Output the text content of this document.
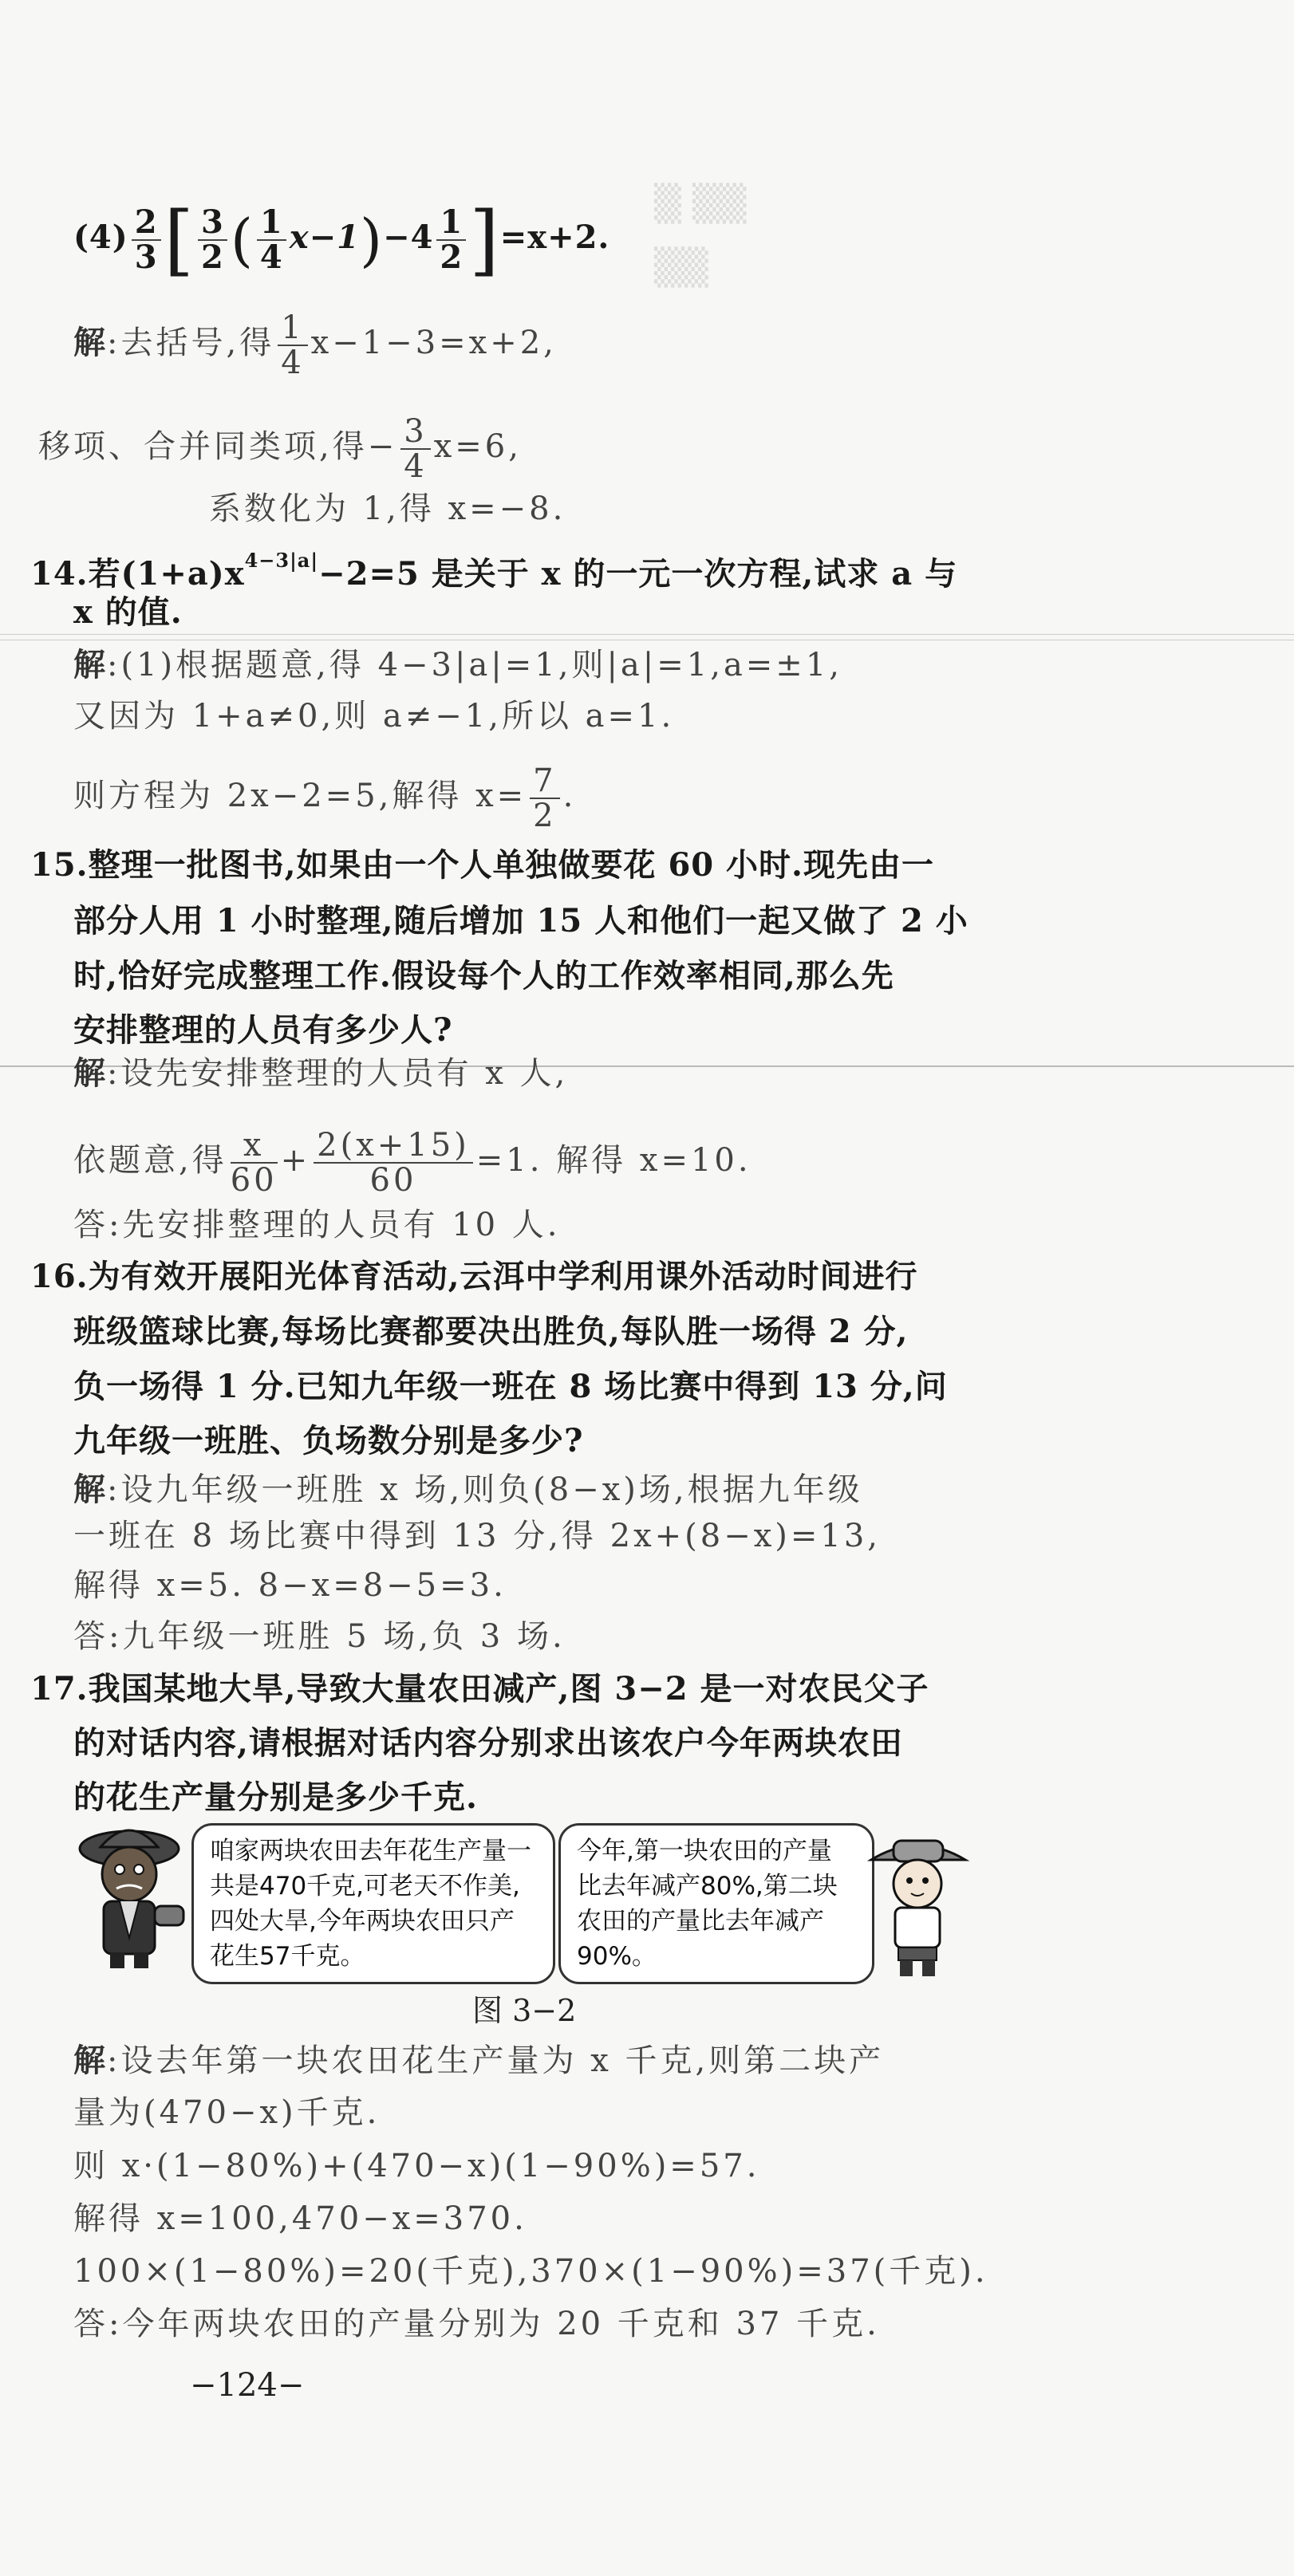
▒ ▒▒
▒▒
$(4) \frac{2}{3}$ [ $\frac{3}{2}$ ( $\frac{1}{4} x-1)-4 \frac{1}{2} ]=x+2$.
解:去括号,得 $\frac{1}{4} x-1-3=x+2$,
移项、合并同类项,得− $\frac{3}{4} x=6$,
系数化为 1,得 x=−8.
14.若$(1+a)x^{4-3|a|}-2=5$ 是关于 x 的一元一次方程,试求 a 与
x 的值.
解:(1)根据题意,得 4−3|a|=1,则|a|=1,a=±1,
又因为 1+a≠0,则 a≠−1,所以 a=1.
则方程为 2x−2=5,解得 $x= \frac{7}{2}$ .
15.整理一批图书,如果由一个人单独做要花 60 小时.现先由一
部分人用 1 小时整理,随后增加 15 人和他们一起又做了 2 小
时,恰好完成整理工作.假设每个人的工作效率相同,那么先
安排整理的人员有多少人?
解:设先安排整理的人员有 x 人,
依题意,得 $\frac{x}{60} + \frac{2(x+15)}{60} =1$. 解得 x=10.
答:先安排整理的人员有 10 人.
16.为有效开展阳光体育活动,云洱中学利用课外活动时间进行
班级篮球比赛,每场比赛都要决出胜负,每队胜一场得 2 分,
负一场得 1 分.已知九年级一班在 8 场比赛中得到 13 分,问
九年级一班胜、负场数分别是多少?
解:设九年级一班胜 x 场,则负(8−x)场,根据九年级
一班在 8 场比赛中得到 13 分,得 2x+(8−x)=13,
解得 x=5. 8−x=8−5=3.
答:九年级一班胜 5 场,负 3 场.
17.我国某地大旱,导致大量农田减产,图 3−2 是一对农民父子
的对话内容,请根据对话内容分别求出该农户今年两块农田
的花生产量分别是多少千克.
咱家两块农田去年花生产量一共是470千克,可老天不作美,四处大旱,今年两块农田只产花生57千克。
今年,第一块农田的产量比去年减产80%,第二块农田的产量比去年减产90%。
图 3−2
解:设去年第一块农田花生产量为 x 千克,则第二块产
量为(470−x)千克.
则 x·(1−80%)+(470−x)(1−90%)=57.
解得 x=100,470−x=370.
100×(1−80%)=20(千克),370×(1−90%)=37(千克).
答:今年两块农田的产量分别为 20 千克和 37 千克.
−124−
